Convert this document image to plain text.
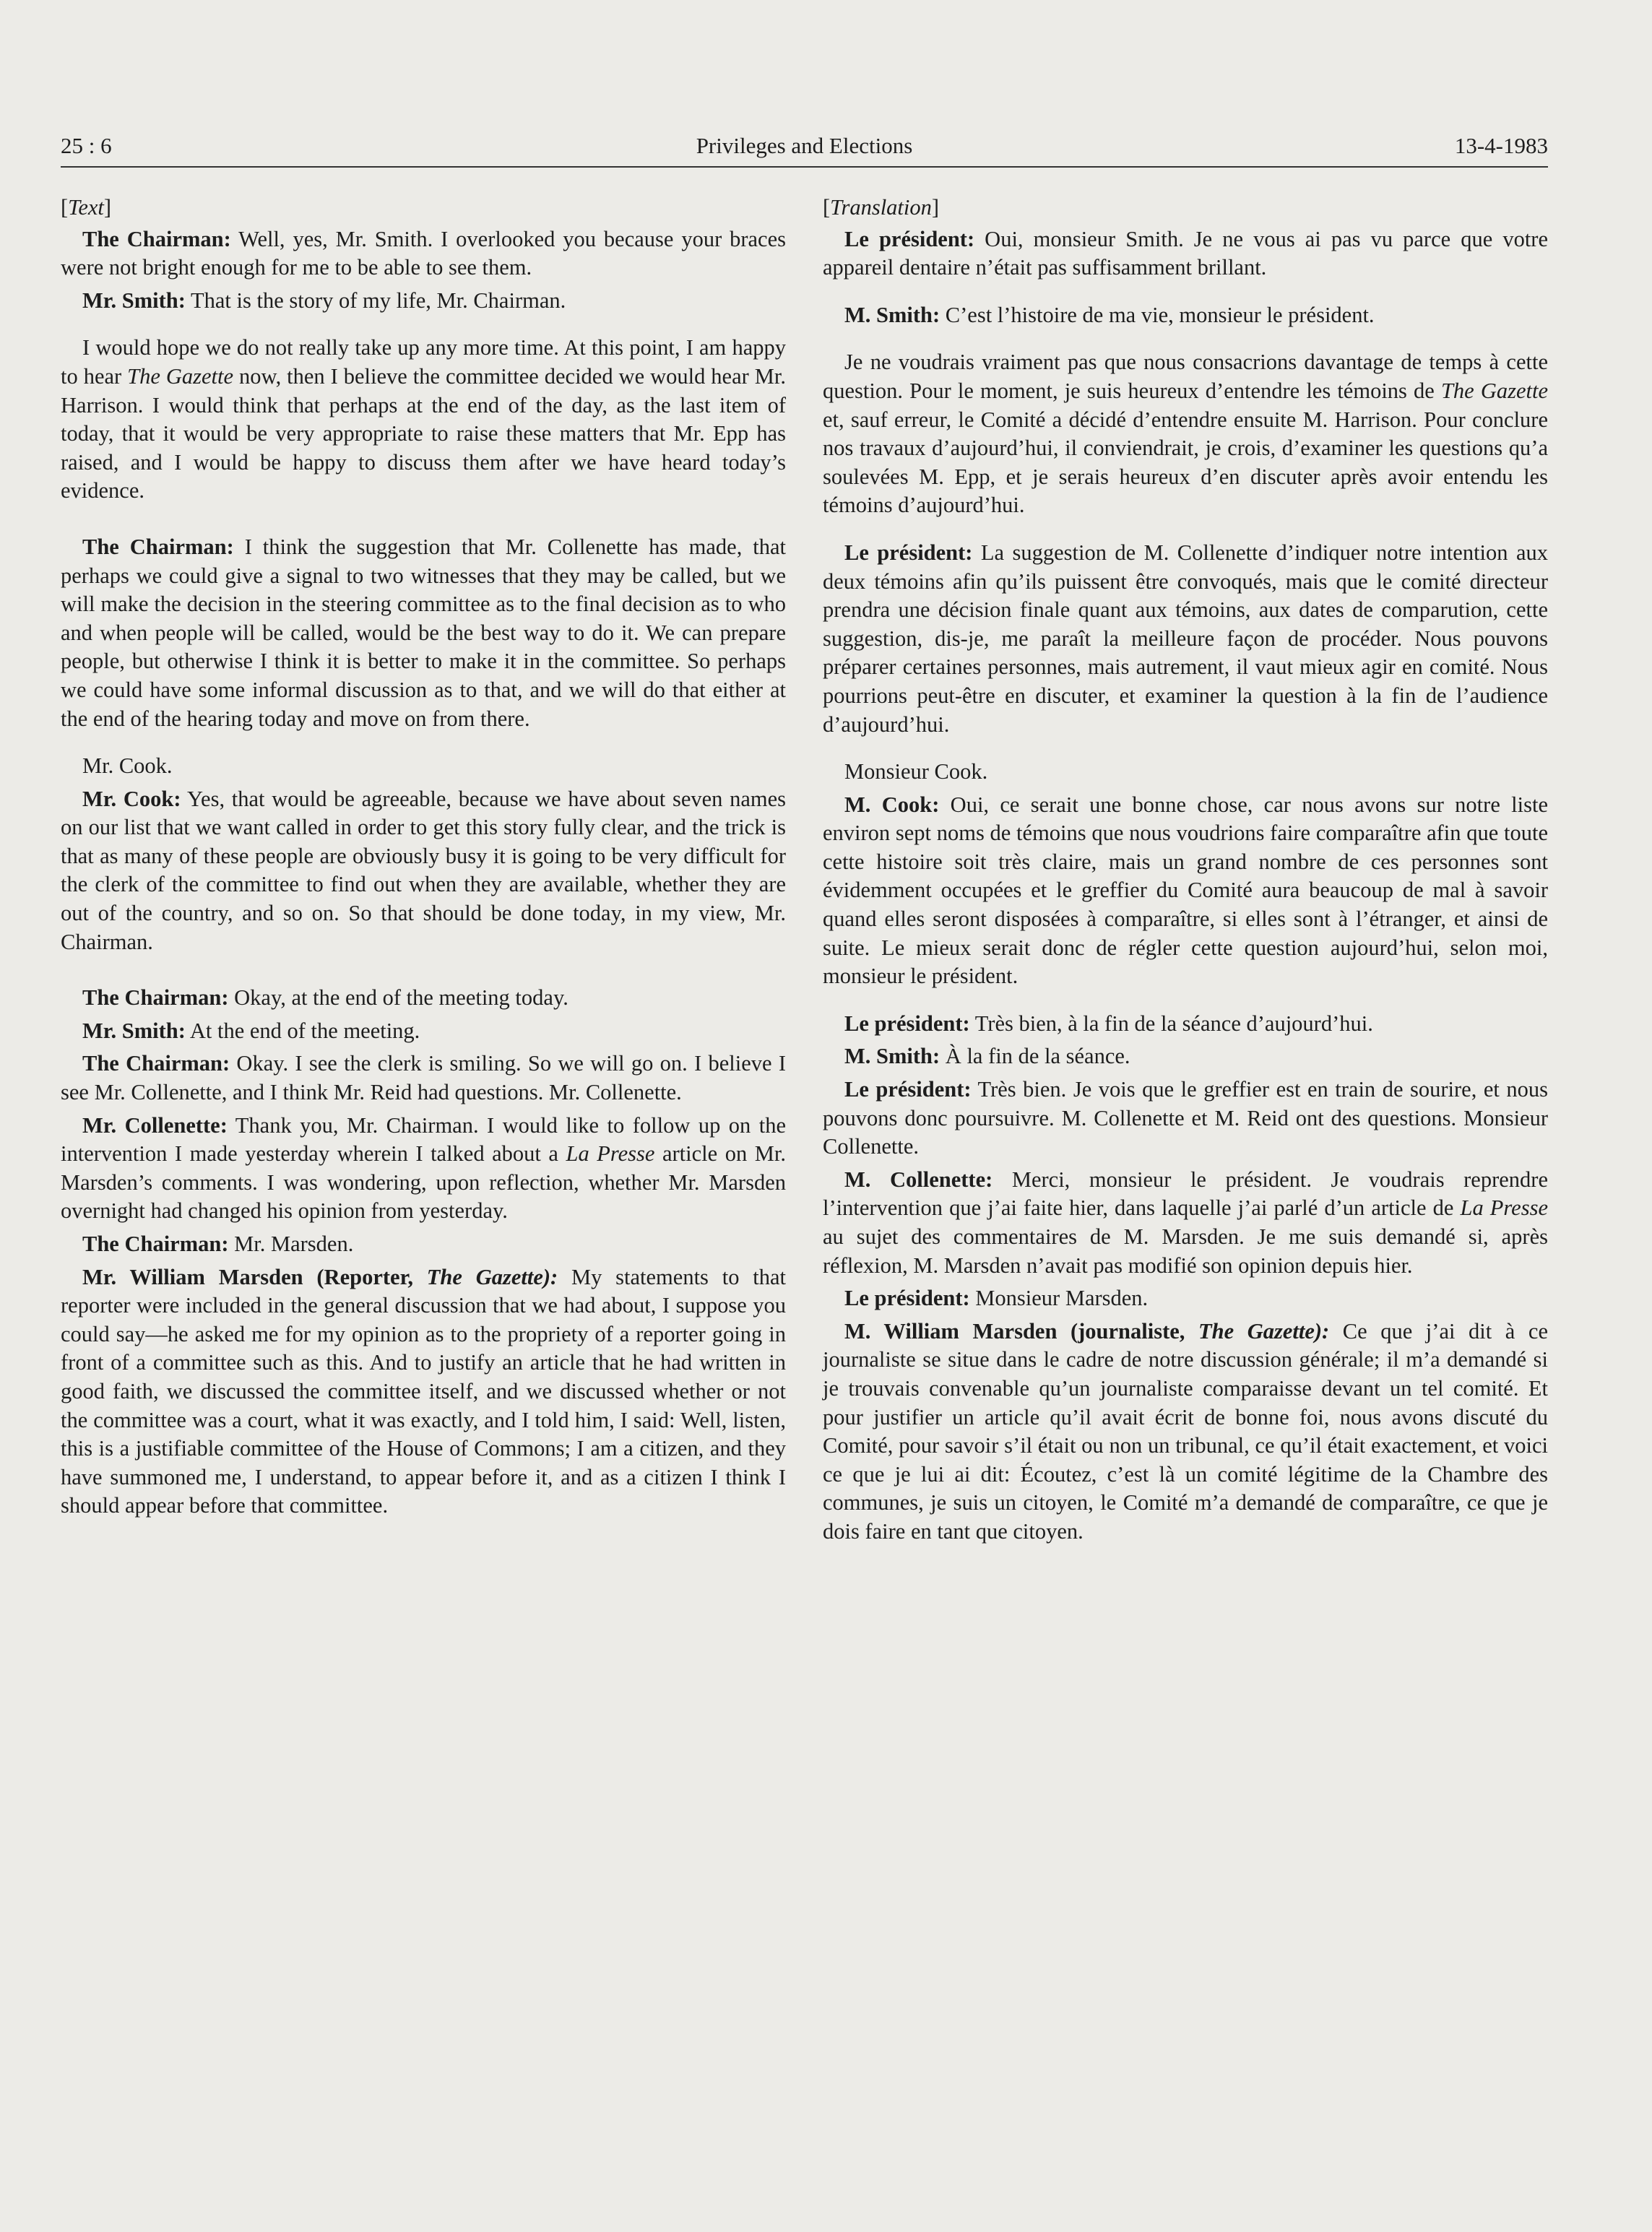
25 : 6	Privileges and Elections	13-4-1983

[Text]

The Chairman: Well, yes, Mr. Smith. I overlooked you because your braces were not bright enough for me to be able to see them.

Mr. Smith: That is the story of my life, Mr. Chairman.

I would hope we do not really take up any more time. At this point, I am happy to hear The Gazette now, then I believe the committee decided we would hear Mr. Harrison. I would think that perhaps at the end of the day, as the last item of today, that it would be very appropriate to raise these matters that Mr. Epp has raised, and I would be happy to discuss them after we have heard today’s evidence.

The Chairman: I think the suggestion that Mr. Collenette has made, that perhaps we could give a signal to two witnesses that they may be called, but we will make the decision in the steering committee as to the final decision as to who and when people will be called, would be the best way to do it. We can prepare people, but otherwise I think it is better to make it in the committee. So perhaps we could have some informal discussion as to that, and we will do that either at the end of the hearing today and move on from there.

Mr. Cook.

Mr. Cook: Yes, that would be agreeable, because we have about seven names on our list that we want called in order to get this story fully clear, and the trick is that as many of these people are obviously busy it is going to be very difficult for the clerk of the committee to find out when they are available, whether they are out of the country, and so on. So that should be done today, in my view, Mr. Chairman.

The Chairman: Okay, at the end of the meeting today.

Mr. Smith: At the end of the meeting.

The Chairman: Okay. I see the clerk is smiling. So we will go on. I believe I see Mr. Collenette, and I think Mr. Reid had questions. Mr. Collenette.

Mr. Collenette: Thank you, Mr. Chairman. I would like to follow up on the intervention I made yesterday wherein I talked about a La Presse article on Mr. Marsden’s comments. I was wondering, upon reflection, whether Mr. Marsden overnight had changed his opinion from yesterday.

The Chairman: Mr. Marsden.

Mr. William Marsden (Reporter, The Gazette): My statements to that reporter were included in the general discussion that we had about, I suppose you could say—he asked me for my opinion as to the propriety of a reporter going in front of a committee such as this. And to justify an article that he had written in good faith, we discussed the committee itself, and we discussed whether or not the committee was a court, what it was exactly, and I told him, I said: Well, listen, this is a justifiable committee of the House of Commons; I am a citizen, and they have summoned me, I understand, to appear before it, and as a citizen I think I should appear before that committee.

[Translation]

Le président: Oui, monsieur Smith. Je ne vous ai pas vu parce que votre appareil dentaire n’était pas suffisamment brillant.

M. Smith: C’est l’histoire de ma vie, monsieur le président.

Je ne voudrais vraiment pas que nous consacrions davantage de temps à cette question. Pour le moment, je suis heureux d’entendre les témoins de The Gazette et, sauf erreur, le Comité a décidé d’entendre ensuite M. Harrison. Pour conclure nos travaux d’aujourd’hui, il conviendrait, je crois, d’examiner les questions qu’a soulevées M. Epp, et je serais heureux d’en discuter après avoir entendu les témoins d’aujourd’hui.

Le président: La suggestion de M. Collenette d’indiquer notre intention aux deux témoins afin qu’ils puissent être convoqués, mais que le comité directeur prendra une décision finale quant aux témoins, aux dates de comparution, cette suggestion, dis-je, me paraît la meilleure façon de procéder. Nous pouvons préparer certaines personnes, mais autrement, il vaut mieux agir en comité. Nous pourrions peut-être en discuter, et examiner la question à la fin de l’audience d’aujourd’hui.

Monsieur Cook.

M. Cook: Oui, ce serait une bonne chose, car nous avons sur notre liste environ sept noms de témoins que nous voudrions faire comparaître afin que toute cette histoire soit très claire, mais un grand nombre de ces personnes sont évidemment occupées et le greffier du Comité aura beaucoup de mal à savoir quand elles seront disposées à comparaître, si elles sont à l’étranger, et ainsi de suite. Le mieux serait donc de régler cette question aujourd’hui, selon moi, monsieur le président.

Le président: Très bien, à la fin de la séance d’aujourd’hui.

M. Smith: À la fin de la séance.

Le président: Très bien. Je vois que le greffier est en train de sourire, et nous pouvons donc poursuivre. M. Collenette et M. Reid ont des questions. Monsieur Collenette.

M. Collenette: Merci, monsieur le président. Je voudrais reprendre l’intervention que j’ai faite hier, dans laquelle j’ai parlé d’un article de La Presse au sujet des commentaires de M. Marsden. Je me suis demandé si, après réflexion, M. Marsden n’avait pas modifié son opinion depuis hier.

Le président: Monsieur Marsden.

M. William Marsden (journaliste, The Gazette): Ce que j’ai dit à ce journaliste se situe dans le cadre de notre discussion générale; il m’a demandé si je trouvais convenable qu’un journaliste comparaisse devant un tel comité. Et pour justifier un article qu’il avait écrit de bonne foi, nous avons discuté du Comité, pour savoir s’il était ou non un tribunal, ce qu’il était exactement, et voici ce que je lui ai dit: Écoutez, c’est là un comité légitime de la Chambre des communes, je suis un citoyen, le Comité m’a demandé de comparaître, ce que je dois faire en tant que citoyen.
